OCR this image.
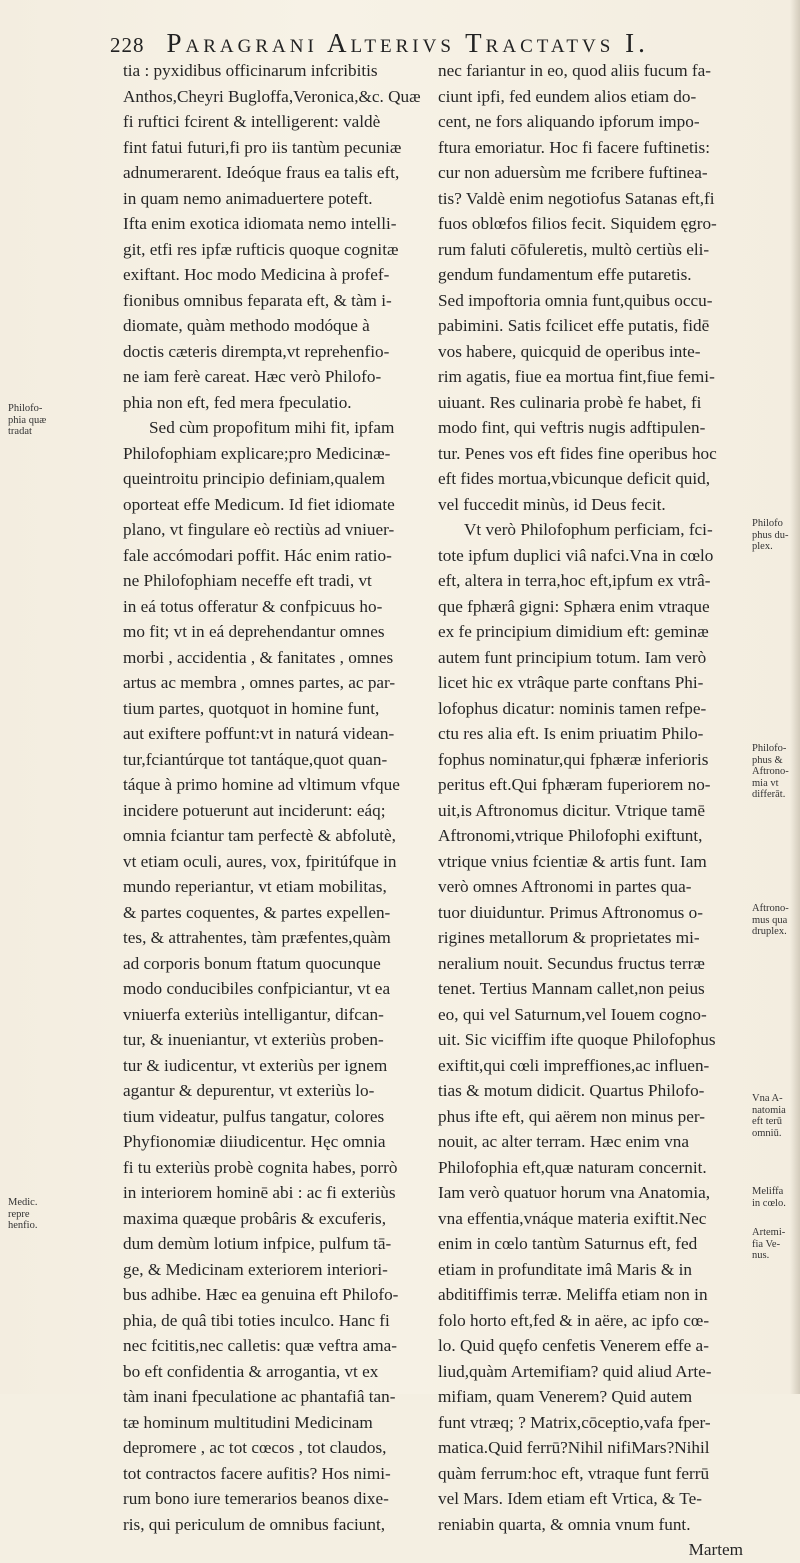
228 Paragrani Alterivs Tractatvs I.
tia : pyxidibus officinarum infcribitis
Anthos,Cheyri Bugloffa,Veronica,&c. Quæ
fi ruftici fcirent & intelligerent: valdè
fint fatui futuri,fi pro iis tantùm pecuniæ
adnumerarent. Ideóque fraus ea talis eft,
in quam nemo animaduertere poteft.
Ifta enim exotica idiomata nemo intelli-
git, etfi res ipfæ rufticis quoque cognitæ
exiftant. Hoc modo Medicina à profef-
fionibus omnibus feparata eft, & tàm i-
diomate, quàm methodo modóque à
doctis cæteris dirempta,vt reprehenfio-
ne iam ferè careat. Hæc verò Philofo-
phia non eft, fed mera fpeculatio.
Sed cùm propofitum mihi fit, ipfam
Philofophiam explicare;pro Medicinæ-
queintroitu principio definiam,qualem
oporteat effe Medicum. Id fiet idiomate
plano, vt fingulare eò rectiùs ad vniuer-
fale accómodari poffit. Hác enim ratio-
ne Philofophiam neceffe eft tradi, vt
in eá totus offeratur & confpicuus ho-
mo fit; vt in eá deprehendantur omnes
morbi , accidentia , & fanitates , omnes
artus ac membra , omnes partes, ac par-
tium partes, quotquot in homine funt,
aut exiftere poffunt:vt in naturá videan-
tur,fciantúrque tot tantáque,quot quan-
táque à primo homine ad vltimum vfque
incidere potuerunt aut inciderunt: eáq;
omnia fciantur tam perfectè & abfolutè,
vt etiam oculi, aures, vox, fpiritúfque in
mundo reperiantur, vt etiam mobilitas,
& partes coquentes, & partes expellen-
tes, & attrahentes, tàm præfentes,quàm
ad corporis bonum ftatum quocunque
modo conducibiles confpiciantur, vt ea
vniuerfa exteriùs intelligantur, difcan-
tur, & inueniantur, vt exteriùs proben-
tur & iudicentur, vt exteriùs per ignem
agantur & depurentur, vt exteriùs lo-
tium videatur, pulfus tangatur, colores
Phyfionomiæ diiudicentur. Hęc omnia
fi tu exteriùs probè cognita habes, porrò
in interiorem hominē abi : ac fi exteriùs
maxima quæque probâris & excuferis,
dum demùm lotium infpice, pulfum tā-
ge, & Medicinam exteriorem interiori-
bus adhibe. Hæc ea genuina eft Philofo-
phia, de quâ tibi toties inculco. Hanc fi
nec fcititis,nec calletis: quæ veftra ama-
bo eft confidentia & arrogantia, vt ex
tàm inani fpeculatione ac phantafiâ tan-
tæ hominum multitudini Medicinam
depromere , ac tot cœcos , tot claudos,
tot contractos facere aufitis? Hos nimi-
rum bono iure temerarios beanos dixe-
ris, qui periculum de omnibus faciunt,
nec fariantur in eo, quod aliis fucum fa-
ciunt ipfi, fed eundem alios etiam do-
cent, ne fors aliquando ipforum impo-
ftura emoriatur. Hoc fi facere fuftinetis:
cur non aduersùm me fcribere fuftinea-
tis? Valdè enim negotiofus Satanas eft,fi
fuos oblœfos filios fecit. Siquidem ęgro-
rum faluti cōfuleretis, multò certiùs eli-
gendum fundamentum effe putaretis.
Sed impoftoria omnia funt,quibus occu-
pabimini. Satis fcilicet effe putatis, fidē
vos habere, quicquid de operibus inte-
rim agatis, fiue ea mortua fint,fiue femi-
uiuant. Res culinaria probè fe habet, fi
modo fint, qui veftris nugis adftipulen-
tur. Penes vos eft fides fine operibus hoc
eft fides mortua,vbicunque deficit quid,
vel fuccedit minùs, id Deus fecit.
Vt verò Philofophum perficiam, fci-
tote ipfum duplici viâ nafci.Vna in cœlo
eft, altera in terra,hoc eft,ipfum ex vtrâ-
que fphærâ gigni: Sphæra enim vtraque
ex fe principium dimidium eft: geminæ
autem funt principium totum. Iam verò
licet hic ex vtrâque parte conftans Phi-
lofophus dicatur: nominis tamen refpe-
ctu res alia eft. Is enim priuatim Philo-
fophus nominatur,qui fphæræ inferioris
peritus eft.Qui fphæram fuperiorem no-
uit,is Aftronomus dicitur. Vtrique tamē
Aftronomi,vtrique Philofophi exiftunt,
vtrique vnius fcientiæ & artis funt. Iam
verò omnes Aftronomi in partes qua-
tuor diuiduntur. Primus Aftronomus o-
rigines metallorum & proprietates mi-
neralium nouit. Secundus fructus terræ
tenet. Tertius Mannam callet,non peius
eo, qui vel Saturnum,vel Iouem cogno-
uit. Sic viciffim ifte quoque Philofophus
exiftit,qui cœli impreffiones,ac influen-
tias & motum didicit. Quartus Philofo-
phus ifte eft, qui aërem non minus per-
nouit, ac alter terram. Hæc enim vna
Philofophia eft,quæ naturam concernit.
Iam verò quatuor horum vna Anatomia,
vna effentia,vnáque materia exiftit.Nec
enim in cœlo tantùm Saturnus eft, fed
etiam in profunditate imâ Maris & in
abditiffimis terræ. Meliffa etiam non in
folo horto eft,fed & in aëre, ac ipfo cœ-
lo. Quid quęfo cenfetis Venerem effe a-
liud,quàm Artemifiam? quid aliud Arte-
mifiam, quam Venerem? Quid autem
funt vtræq; ? Matrix,cōceptio,vafa fper-
matica.Quid ferrū?Nihil nifiMars?Nihil
quàm ferrum:hoc eft, vtraque funt ferrū
vel Mars. Idem etiam eft Vrtica, & Te-
reniabin quarta, & omnia vnum funt.
Martem
Philofo-
phia quæ
tradat
Medic.
repre
henfio.
Philofo
phus du-
plex.
Philofo-
phus &
Aftrono-
mia vt
differāt.
Aftrono-
mus qua
druplex.
Vna A-
natomia
eft terū
omniū.
Meliffa
in cœlo.
Artemi-
fia Ve-
nus.
